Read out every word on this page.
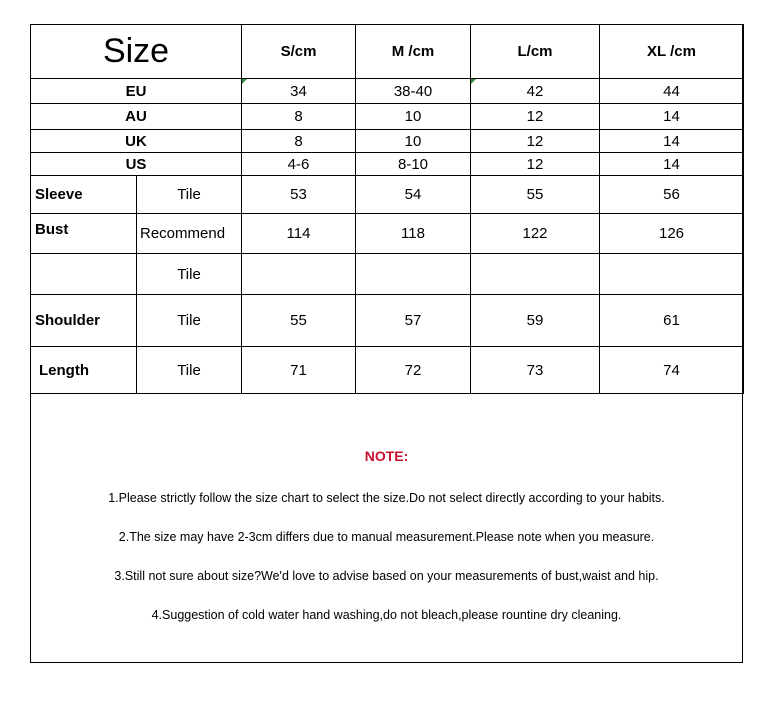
Size		S/cm	M /cm	L/cm	XL /cm
EU		34	38-40	42	44
AU		8	10	12	14
UK		8	10	12	14
US		4-6	8-10	12	14
Sleeve	Tile	53	54	55	56
Bust	Recommend	114	118	122	126
	Tile				
Shoulder	Tile	55	57	59	61
Length	Tile	71	72	73	74
NOTE:
1.Please strictly follow the size chart to select the size.Do not select directly according to your habits.
2.The size may have 2-3cm differs due to manual measurement.Please note when you measure.
3.Still not sure about size?We'd love to advise based on your measurements of bust,waist and hip.
4.Suggestion of cold water hand washing,do not bleach,please rountine dry cleaning.
